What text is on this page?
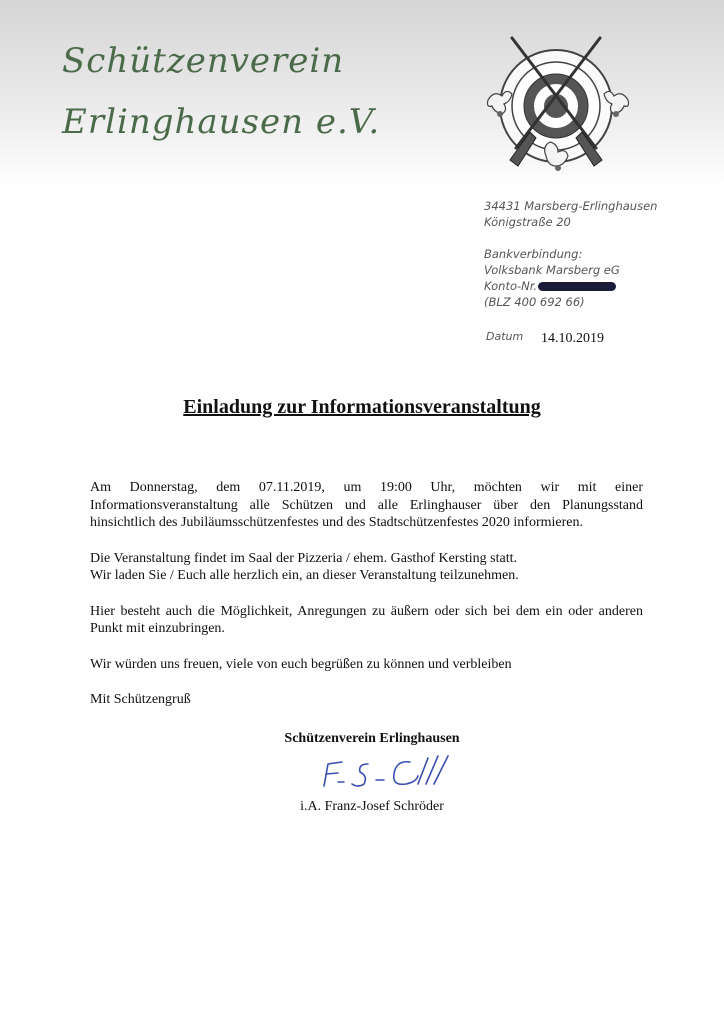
Schützenverein
Erlinghausen e.V.
34431 Marsberg-Erlinghausen
Königstraße 20
Bankverbindung:
Volksbank Marsberg eG
Konto-Nr.
(BLZ 400 692 66)
Datum 14.10.2019
Einladung zur Informationsveranstaltung

Am Donnerstag, dem 07.11.2019, um 19:00 Uhr, möchten wir mit einer Informationsveranstaltung alle Schützen und alle Erlinghauser über den Planungsstand hinsichtlich des Jubiläumsschützenfestes und des Stadtschützenfestes 2020 informieren.

Die Veranstaltung findet im Saal der Pizzeria / ehem. Gasthof Kersting statt.
Wir laden Sie / Euch alle herzlich ein, an dieser Veranstaltung teilzunehmen.

Hier besteht auch die Möglichkeit, Anregungen zu äußern oder sich bei dem ein oder anderen Punkt mit einzubringen.

Wir würden uns freuen, viele von euch begrüßen zu können und verbleiben

Mit Schützengruß

Schützenverein Erlinghausen
i.A. Franz-Josef Schröder
